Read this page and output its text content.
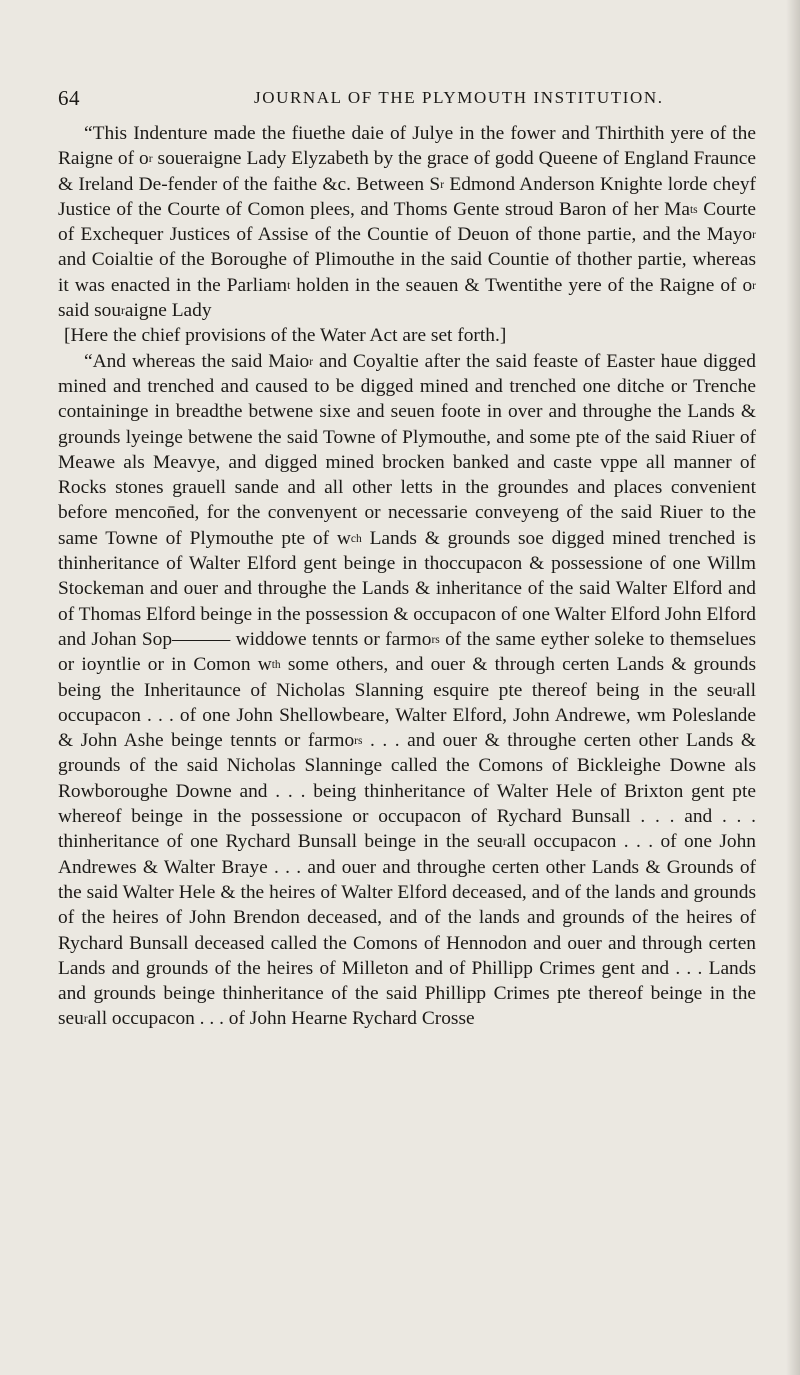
64	JOURNAL OF THE PLYMOUTH INSTITUTION.

“This Indenture made the fiuethe daie of Julye in the fower and Thirthith yere of the Raigne of $o^r$ soueraigne Lady Elyzabeth by the grace of godd Queene of England Fraunce & Ireland De-fender of the faithe &c. Between $S^r$ Edmond Anderson Knighte lorde cheyf Justice of the Courte of Comon plees, and Thoms Gente stroud Baron of her $Ma^{ts}$ Courte of Exchequer Justices of Assise of the Countie of Deuon of thone partie, and the Mayo$^r$ and Coialtie of the Boroughe of Plimouthe in the said Countie of thother partie, whereas it was enacted in the Parliam$^t$ holden in the seauen & Twentithe yere of the Raigne of $o^r$ said sou$^r$aigne Lady

[Here the chief provisions of the Water Act are set forth.]

“And whereas the said Maio$^r$ and Coyaltie after the said feaste of Easter haue digged mined and trenched and caused to be digged mined and trenched one ditche or Trenche containinge in breadthe betwene sixe and seuen foote in over and throughe the Lands & grounds lyeinge betwene the said Towne of Plymouthe, and some pte of the said Riuer of Meawe als Meavye, and digged mined brocken banked and caste vppe all manner of Rocks stones grauell sande and all other letts in the groundes and places convenient before mencon̄ed, for the convenyent or necessarie conveyeng of the said Riuer to the same Towne of Plymouthe pte of $w^{ch}$ Lands & grounds soe digged mined trenched is thinheritance of Walter Elford gent beinge in thoccupacon & possessione of one Willm Stockeman and ouer and throughe the Lands & inheritance of the said Walter Elford and of Thomas Elford beinge in the possession & occupacon of one Walter Elford John Elford and Johan Sop——— widdowe tennts or farmo$^{rs}$ of the same eyther soleke to themselues or ioyntlie or in Comon $w^{th}$ some others, and ouer & through certen Lands & grounds being the Inheritaunce of Nicholas Slanning esquire pte thereof being in the seu$^r$all occupacon . . . of one John Shellowbeare, Walter Elford, John Andrewe, wm Poleslande & John Ashe beinge tennts or farmo$^{rs}$ . . . and ouer & throughe certen other Lands & grounds of the said Nicholas Slanninge called the Comons of Bickleighe Downe als Rowboroughe Downe and . . . being thinheritance of Walter Hele of Brixton gent pte whereof beinge in the possessione or occupacon of Rychard Bunsall . . . and . . . thinheritance of one Rychard Bunsall beinge in the seu$^r$all occupacon . . . of one John Andrewes & Walter Braye . . . and ouer and throughe certen other Lands & Grounds of the said Walter Hele & the heires of Walter Elford deceased, and of the lands and grounds of the heires of John Brendon deceased, and of the lands and grounds of the heires of Rychard Bunsall deceased called the Comons of Hennodon and ouer and through certen Lands and grounds of the heires of Milleton and of Phillipp Crimes gent and . . . Lands and grounds beinge thinheritance of the said Phillipp Crimes pte thereof beinge in the seu$^r$all occupacon . . . of John Hearne Rychard Crosse
